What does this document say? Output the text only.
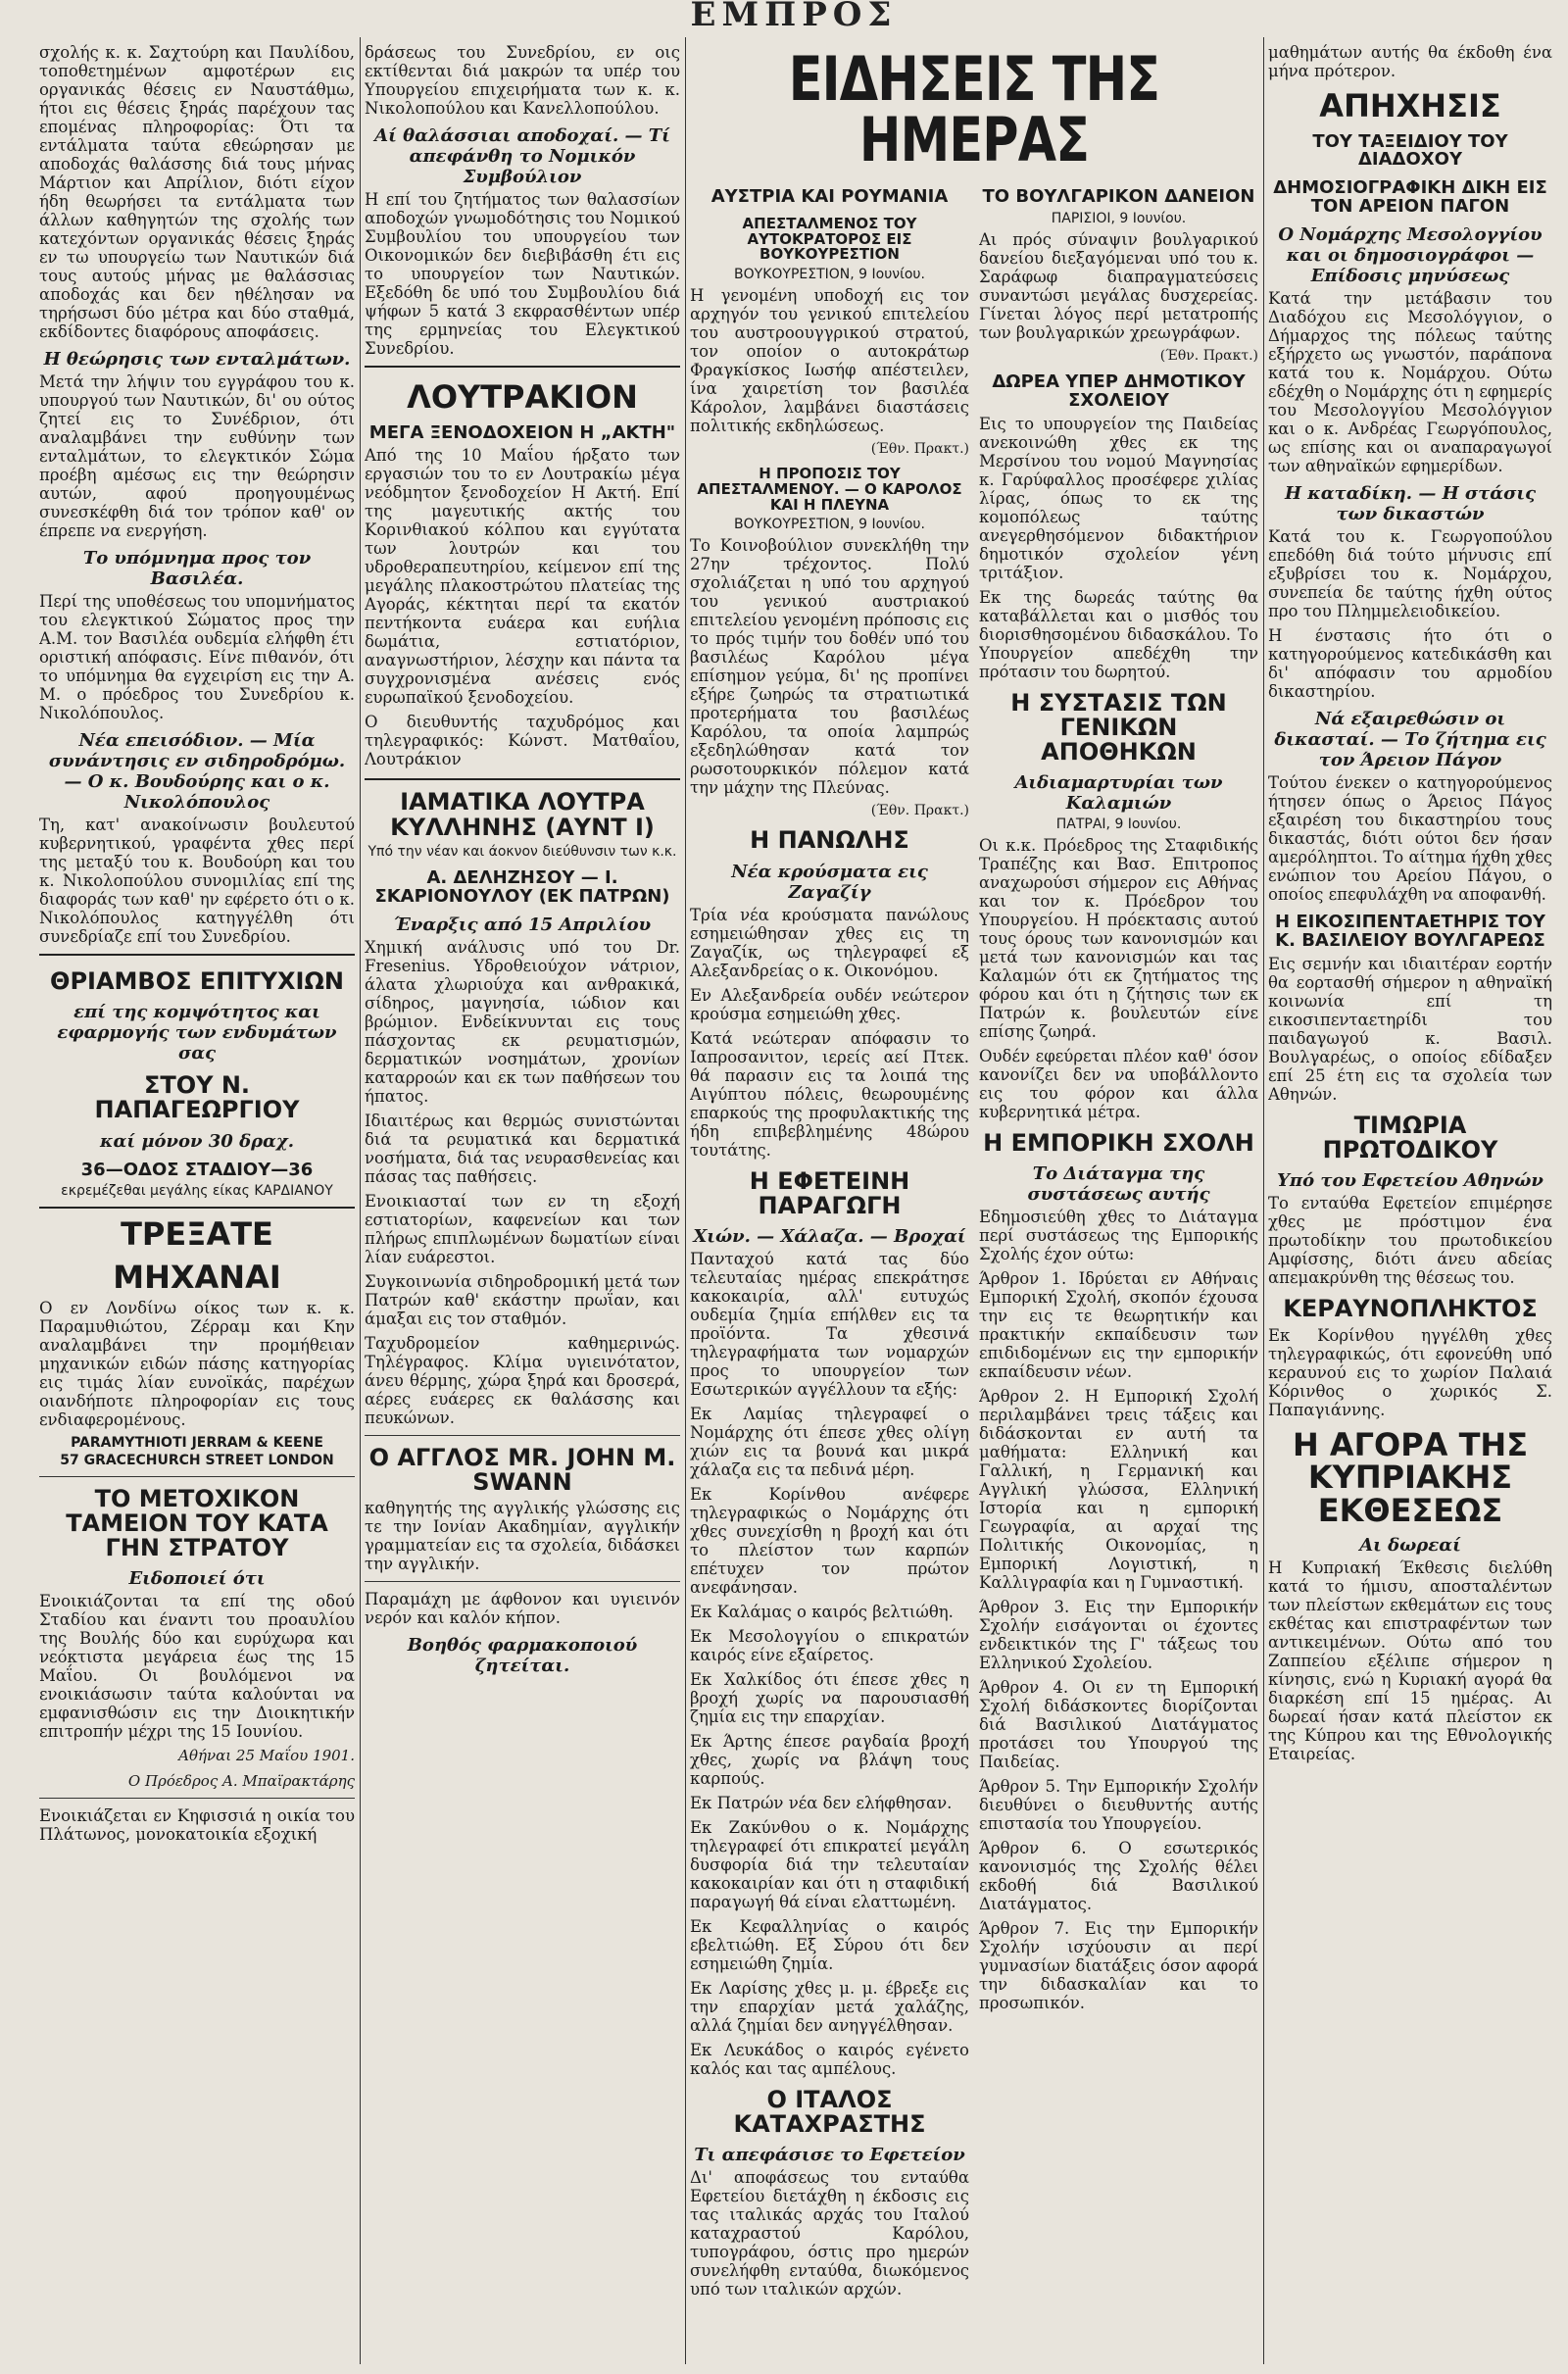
ΕΜΠΡΟΣ

σχολής κ. κ. Σαχτούρη και Παυλίδου, τοποθετημένων αμφοτέρων εις οργανικάς θέσεις εν Ναυστάθμω, ήτοι εις θέσεις ξηράς παρέχουν τας επομένας πληροφορίας: Ότι τα εντάλματα ταύτα εθεώρησαν με αποδοχάς θαλάσσης διά τους μήνας Μάρτιον και Απρίλιον, διότι είχον ήδη θεωρήσει τα εντάλματα των άλλων καθηγητών της σχολής των κατεχόντων οργανικάς θέσεις ξηράς εν τω υπουργείω των Ναυτικών διά τους αυτούς μήνας με θαλάσσιας αποδοχάς και δεν ηθέλησαν να τηρήσωσι δύο μέτρα και δύο σταθμά, εκδίδοντες διαφόρους αποφάσεις.

Η θεώρησις των ενταλμάτων.

Μετά την λήψιν του εγγράφου του κ. υπουργού των Ναυτικών, δι' ου ούτος ζητεί εις το Συνέδριον, ότι αναλαμβάνει την ευθύνην των ενταλμάτων, το ελεγκτικόν Σώμα προέβη αμέσως εις την θεώρησιν αυτών, αφού προηγουμένως συνεσκέφθη διά τον τρόπον καθ' ον έπρεπε να ενεργήση.

Το υπόμνημα προς τον Βασιλέα.

Περί της υποθέσεως του υπομνήματος του ελεγκτικού Σώματος προς την Α.Μ. τον Βασιλέα ουδεμία ελήφθη έτι οριστική απόφασις. Είνε πιθανόν, ότι το υπόμνημα θα εγχειρίση εις την Α. Μ. ο πρόεδρος του Συνεδρίου κ. Νικολόπουλος.

Νέα επεισόδιον. — Μία συνάντησις εν σιδηροδρόμω. — Ο κ. Βουδούρης και ο κ. Νικολόπουλος

Τη, κατ' ανακοίνωσιν βουλευτού κυβερνητικού, γραφέντα χθες περί της μεταξύ του κ. Βουδούρη και του κ. Νικολοπούλου συνομιλίας επί της διαφοράς των καθ' ην εφέρετο ότι ο κ. Νικολόπουλος κατηγγέλθη ότι συνεδρίαζε επί του Συνεδρίου.

ΘΡΙΑΜΒΟΣ ΕΠΙΤΥΧΙΩΝ
επί της κομψότητος και εφαρμογής των ενδυμάτων σας
ΣΤΟΥ Ν. ΠΑΠΑΓΕΩΡΓΙΟΥ
καί μόνον 30 δραχ.
36—ΟΔΟΣ ΣΤΑΔΙΟΥ—36
εκρεμέζεθαι μεγάλης είκας ΚΑΡΔΙΑΝΟΥ
ΤΡΕΞΑΤΕ
ΜΗΧΑΝΑΙ

Ο εν Λονδίνω οίκος των κ. κ. Παραμυθιώτου, Ζέρραμ και Κην αναλαμβάνει την προμήθειαν μηχανικών ειδών πάσης κατηγορίας εις τιμάς λίαν ευνοϊκάς, παρέχων οιανδήποτε πληροφορίαν εις τους ενδιαφερομένους.

PARAMYTHIOTI JERRAM & KEENE
57 GRACECHURCH STREET LONDON
ΤΟ ΜΕΤΟΧΙΚΟΝ ΤΑΜΕΙΟΝ ΤΟΥ ΚΑΤΑ ΓΗΝ ΣΤΡΑΤΟΥ
Ειδοποιεί ότι

Ενοικιάζονται τα επί της οδού Σταδίου και έναντι του προαυλίου της Βουλής δύο και ευρύχωρα και νεόκτιστα μεγάρεια έως της 15 Μαΐου. Οι βουλόμενοι να ενοικιάσωσιν ταύτα καλούνται να εμφανισθώσιν εις την Διοικητικήν επιτροπήν μέχρι της 15 Ιουνίου.

Αθήναι 25 Μαΐου 1901.
Ο Πρόεδρος Α. Μπαϊρακτάρης

Ενοικιάζεται εν Κηφισσιά η οικία του Πλάτωνος, μονοκατοικία εξοχική

δράσεως του Συνεδρίου, εν οις εκτίθενται διά μακρών τα υπέρ του Υπουργείου επιχειρήματα των κ. κ. Νικολοπούλου και Κανελλοπούλου.

Αί θαλάσσιαι αποδοχαί. — Τί απεφάνθη το Νομικόν Συμβούλιον

Η επί του ζητήματος των θαλασσίων αποδοχών γνωμοδότησις του Νομικού Συμβουλίου του υπουργείου των Οικονομικών δεν διεβιβάσθη έτι εις το υπουργείον των Ναυτικών. Εξεδόθη δε υπό του Συμβουλίου διά ψήφων 5 κατά 3 εκφρασθέντων υπέρ της ερμηνείας του Ελεγκτικού Συνεδρίου.

ΛΟΥΤΡΑΚΙΟΝ
ΜΕΓΑ ΞΕΝΟΔΟΧΕΙΟΝ Η „ΑΚΤΗ"

Από της 10 Μαΐου ήρξατο των εργασιών του το εν Λουτρακίω μέγα νεόδμητον ξενοδοχείον Η Ακτή. Επί της μαγευτικής ακτής του Κορινθιακού κόλπου και εγγύτατα των λουτρών και του υδροθεραπευτηρίου, κείμενον επί της μεγάλης πλακοστρώτου πλατείας της Αγοράς, κέκτηται περί τα εκατόν πεντήκοντα ευάερα και ευήλια δωμάτια, εστιατόριον, αναγνωστήριον, λέσχην και πάντα τα συγχρονισμένα ανέσεις ενός ευρωπαϊκού ξενοδοχείου.

Ο διευθυντής ταχυδρόμος και τηλεγραφικός: Κώνστ. Ματθαΐου, Λουτράκιον

ΙΑΜΑΤΙΚΑ ΛΟΥΤΡΑ ΚΥΛΛΗΝΗΣ (ΑΥΝΤ Ι)
Υπό την νέαν και άοκνον διεύθυνσιν των κ.κ.
Α. ΔΕΛΗΖΗΣΟΥ — Ι. ΣΚΑΡΙΟΝΟΥΛΟΥ (ΕΚ ΠΑΤΡΩΝ)
Έναρξις από 15 Απριλίου

Χημική ανάλυσις υπό του Dr. Fresenius. Υδροθειούχον νάτριον, άλατα χλωριούχα και ανθρακικά, σίδηρος, μαγνησία, ιώδιον και βρώμιον. Ενδείκνυνται εις τους πάσχοντας εκ ρευματισμών, δερματικών νοσημάτων, χρονίων καταρροών και εκ των παθήσεων του ήπατος.

Ιδιαιτέρως και θερμώς συνιστώνται διά τα ρευματικά και δερματικά νοσήματα, διά τας νευρασθενείας και πάσας τας παθήσεις.

Ενοικιασταί των εν τη εξοχή εστιατορίων, καφενείων και των πλήρως επιπλωμένων δωματίων είναι λίαν ευάρεστοι.

Συγκοινωνία σιδηροδρομική μετά των Πατρών καθ' εκάστην πρωΐαν, και άμαξαι εις τον σταθμόν.

Ταχυδρομείον καθημερινώς. Τηλέγραφος. Κλίμα υγιεινότατον, άνευ θέρμης, χώρα ξηρά και δροσερά, αέρες ευάερες εκ θαλάσσης και πευκώνων.

Ο ΑΓΓΛΟΣ MR. JOHN M. SWANN

καθηγητής της αγγλικής γλώσσης εις τε την Ιονίαν Ακαδημίαν, αγγλικήν γραμματείαν εις τα σχολεία, διδάσκει την αγγλικήν.

Παραμάχη με άφθονον και υγιεινόν νερόν και καλόν κήπον.

Βοηθός φαρμακοποιού ζητείται.
ΕΙΔΗΣΕΙΣ ΤΗΣ ΗΜΕΡΑΣ
ΑΥΣΤΡΙΑ ΚΑΙ ΡΟΥΜΑΝΙΑ
ΑΠΕΣΤΑΛΜΕΝΟΣ ΤΟΥ ΑΥΤΟΚΡΑΤΟΡΟΣ ΕΙΣ ΒΟΥΚΟΥΡΕΣΤΙΟΝ
ΒΟΥΚΟΥΡΕΣΤΙΟΝ, 9 Ιουνίου.

Η γενομένη υποδοχή εις τον αρχηγόν του γενικού επιτελείου του αυστροουγγρικού στρατού, τον οποίον ο αυτοκράτωρ Φραγκίσκος Ιωσήφ απέστειλεν, ίνα χαιρετίση τον βασιλέα Κάρολον, λαμβάνει διαστάσεις πολιτικής εκδηλώσεως.

(Έθν. Πρακτ.)
Η ΠΡΟΠΟΣΙΣ ΤΟΥ ΑΠΕΣΤΑΛΜΕΝΟΥ. — Ο ΚΑΡΟΛΟΣ ΚΑΙ Η ΠΛΕΥΝΑ
ΒΟΥΚΟΥΡΕΣΤΙΟΝ, 9 Ιουνίου.

Το Κοινοβούλιον συνεκλήθη την 27ην τρέχοντος. Πολύ σχολιάζεται η υπό του αρχηγού του γενικού αυστριακού επιτελείου γενομένη πρόποσις εις το πρός τιμήν του δοθέν υπό του βασιλέως Καρόλου μέγα επίσημον γεύμα, δι' ης προπίνει εξήρε ζωηρώς τα στρατιωτικά προτερήματα του βασιλέως Καρόλου, τα οποία λαμπρώς εξεδηλώθησαν κατά τον ρωσοτουρκικόν πόλεμον κατά την μάχην της Πλεύνας.

(Έθν. Πρακτ.)
Η ΠΑΝΩΛΗΣ
Νέα κρούσματα εις Ζαγαζίγ

Τρία νέα κρούσματα πανώλους εσημειώθησαν χθες εις τη Ζαγαζίκ, ως τηλεγραφεί εξ Αλεξανδρείας ο κ. Οικονόμου.

Εν Αλεξανδρεία ουδέν νεώτερον κρούσμα εσημειώθη χθες.

Κατά νεώτεραν απόφασιν το Ιαπροσανιτον, ιερείς αεί Πτεκ. θά παρασιν εις τα λοιπά της Αιγύπτου πόλεις, θεωρουμένης επαρκούς της προφυλακτικής της ήδη επιβεβλημένης 48ώρου τουτάτης.

Η ΕΦΕΤΕΙΝΗ ΠΑΡΑΓΩΓΗ
Χιών. — Χάλαζα. — Βροχαί

Πανταχού κατά τας δύο τελευταίας ημέρας επεκράτησε κακοκαιρία, αλλ' ευτυχώς ουδεμία ζημία επήλθεν εις τα προϊόντα. Τα χθεσινά τηλεγραφήματα των νομαρχών προς το υπουργείον των Εσωτερικών αγγέλλουν τα εξής:

Εκ Λαμίας τηλεγραφεί ο Νομάρχης ότι έπεσε χθες ολίγη χιών εις τα βουνά και μικρά χάλαζα εις τα πεδινά μέρη.

Εκ Κορίνθου ανέφερε τηλεγραφικώς ο Νομάρχης ότι χθες συνεχίσθη η βροχή και ότι το πλείστον των καρπών επέτυχεν τον πρώτον ανεφάνησαν.

Εκ Καλάμας ο καιρός βελτιώθη.

Εκ Μεσολογγίου ο επικρατών καιρός είνε εξαίρετος.

Εκ Χαλκίδος ότι έπεσε χθες η βροχή χωρίς να παρουσιασθή ζημία εις την επαρχίαν.

Εκ Άρτης έπεσε ραγδαία βροχή χθες, χωρίς να βλάψη τους καρπούς.

Εκ Πατρών νέα δεν ελήφθησαν.

Εκ Ζακύνθου ο κ. Νομάρχης τηλεγραφεί ότι επικρατεί μεγάλη δυσφορία διά την τελευταίαν κακοκαιρίαν και ότι η σταφιδική παραγωγή θά είναι ελαττωμένη.

Εκ Κεφαλληνίας ο καιρός εβελτιώθη. Εξ Σύρου ότι δεν εσημειώθη ζημία.

Εκ Λαρίσης χθες μ. μ. έβρεξε εις την επαρχίαν μετά χαλάζης, αλλά ζημίαι δεν ανηγγέλθησαν.

Εκ Λευκάδος ο καιρός εγένετο καλός και τας αμπέλους.

Ο ΙΤΑΛΟΣ ΚΑΤΑΧΡΑΣΤΗΣ
Τι απεφάσισε το Εφετείον

Δι' αποφάσεως του ενταύθα Εφετείου διετάχθη η έκδοσις εις τας ιταλικάς αρχάς του Ιταλού καταχραστού Καρόλου, τυπογράφου, όστις προ ημερών συνελήφθη ενταύθα, διωκόμενος υπό των ιταλικών αρχών.

ΤΟ ΒΟΥΛΓΑΡΙΚΟΝ ΔΑΝΕΙΟΝ
ΠΑΡΙΣΙΟΙ, 9 Ιουνίου.

Αι πρός σύναψιν βουλγαρικού δανείου διεξαγόμεναι υπό του κ. Σαράφωφ διαπραγματεύσεις συναντώσι μεγάλας δυσχερείας. Γίνεται λόγος περί μετατροπής των βουλγαρικών χρεωγράφων.

(Έθν. Πρακτ.)
ΔΩΡΕΑ ΥΠΕΡ ΔΗΜΟΤΙΚΟΥ ΣΧΟΛΕΙΟΥ

Εις το υπουργείον της Παιδείας ανεκοινώθη χθες εκ της Μερσίνου του νομού Μαγνησίας κ. Γαρύφαλλος προσέφερε χιλίας λίρας, όπως το εκ της κομοπόλεως ταύτης ανεγερθησόμενον διδακτήριον δημοτικόν σχολείον γένη τριτάξιον.

Εκ της δωρεάς ταύτης θα καταβάλλεται και ο μισθός του διορισθησομένου διδασκάλου. Το Υπουργείον απεδέχθη την πρότασιν του δωρητού.

Η ΣΥΣΤΑΣΙΣ ΤΩΝ ΓΕΝΙΚΩΝ ΑΠΟΘΗΚΩΝ
Αιδιαμαρτυρίαι των Καλαμιών
ΠΑΤΡΑΙ, 9 Ιουνίου.

Οι κ.κ. Πρόεδρος της Σταφιδικής Τραπέζης και Βασ. Επιτροπος αναχωρούσι σήμερον εις Αθήνας και τον κ. Πρόεδρον του Υπουργείου. Η πρόεκτασις αυτού τους όρους των κανονισμών και μετά των κανονισμών και τας Καλαμών ότι εκ ζητήματος της φόρου και ότι η ζήτησις των εκ Πατρών κ. βουλευτών είνε επίσης ζωηρά.

Ουδέν εφεύρεται πλέον καθ' όσον κανονίζει δεν να υποβάλλοντο εις του φόρον και άλλα κυβερνητικά μέτρα.

Η ΕΜΠΟΡΙΚΗ ΣΧΟΛΗ
Το Διάταγμα της συστάσεως αυτής

Εδημοσιεύθη χθες το Διάταγμα περί συστάσεως της Εμπορικής Σχολής έχον ούτω:

Άρθρον 1. Ιδρύεται εν Αθήναις Εμπορική Σχολή, σκοπόν έχουσα την εις τε θεωρητικήν και πρακτικήν εκπαίδευσιν των επιδιδομένων εις την εμπορικήν εκπαίδευσιν νέων.

Άρθρον 2. Η Εμπορική Σχολή περιλαμβάνει τρεις τάξεις και διδάσκονται εν αυτή τα μαθήματα: Ελληνική και Γαλλική, η Γερμανική και Αγγλική γλώσσα, Ελληνική Ιστορία και η εμπορική Γεωγραφία, αι αρχαί της Πολιτικής Οικονομίας, η Εμπορική Λογιστική, η Καλλιγραφία και η Γυμναστική.

Άρθρον 3. Εις την Εμπορικήν Σχολήν εισάγονται οι έχοντες ενδεικτικόν της Γ' τάξεως του Ελληνικού Σχολείου.

Άρθρον 4. Οι εν τη Εμπορική Σχολή διδάσκοντες διορίζονται διά Βασιλικού Διατάγματος προτάσει του Υπουργού της Παιδείας.

Άρθρον 5. Την Εμπορικήν Σχολήν διευθύνει ο διευθυντής αυτής επιστασία του Υπουργείου.

Άρθρον 6. Ο εσωτερικός κανονισμός της Σχολής θέλει εκδοθή διά Βασιλικού Διατάγματος.

Άρθρον 7. Εις την Εμπορικήν Σχολήν ισχύουσιν αι περί γυμνασίων διατάξεις όσον αφορά την διδασκαλίαν και το προσωπικόν.

μαθημάτων αυτής θα έκδοθη ένα μήνα πρότερον.

ΑΠΗΧΗΣΙΣ
ΤΟΥ ΤΑΞΕΙΔΙΟΥ ΤΟΥ ΔΙΑΔΟΧΟΥ
ΔΗΜΟΣΙΟΓΡΑΦΙΚΗ ΔΙΚΗ ΕΙΣ ΤΟΝ ΑΡΕΙΟΝ ΠΑΓΟΝ
Ο Νομάρχης Μεσολογγίου και οι δημοσιογράφοι — Επίδοσις μηνύσεως

Κατά την μετάβασιν του Διαδόχου εις Μεσολόγγιον, ο Δήμαρχος της πόλεως ταύτης εξήρχετο ως γνωστόν, παράπονα κατά του κ. Νομάρχου. Ούτω εδέχθη ο Νομάρχης ότι η εφημερίς του Μεσολογγίου Μεσολόγγιον και ο κ. Ανδρέας Γεωργόπουλος, ως επίσης και οι αναπαραγωγοί των αθηναϊκών εφημερίδων.

Η καταδίκη. — Η στάσις των δικαστών

Κατά του κ. Γεωργοπούλου επεδόθη διά τούτο μήνυσις επί εξυβρίσει του κ. Νομάρχου, συνεπεία δε ταύτης ήχθη ούτος προ του Πλημμελειοδικείου.

Η ένστασις ήτο ότι ο κατηγορούμενος κατεδικάσθη και δι' απόφασιν του αρμοδίου δικαστηρίου.

Νά εξαιρεθώσιν οι δικασταί. — Το ζήτημα εις τον Άρειον Πάγον

Τούτου ένεκεν ο κατηγορούμενος ήτησεν όπως ο Άρειος Πάγος εξαιρέση του δικαστηρίου τους δικαστάς, διότι ούτοι δεν ήσαν αμερόληπτοι. Το αίτημα ήχθη χθες ενώπιον του Αρείου Πάγου, ο οποίος επεφυλάχθη να αποφανθή.

Η ΕΙΚΟΣΙΠΕΝΤΑΕΤΗΡΙΣ ΤΟΥ Κ. ΒΑΣΙΛΕΙΟΥ ΒΟΥΛΓΑΡΕΩΣ

Εις σεμνήν και ιδιαιτέραν εορτήν θα εορτασθή σήμερον η αθηναϊκή κοινωνία επί τη εικοσιπενταετηρίδι του παιδαγωγού κ. Βασιλ. Βουλγαρέως, ο οποίος εδίδαξεν επί 25 έτη εις τα σχολεία των Αθηνών.

ΤΙΜΩΡΙΑ ΠΡΩΤΟΔΙΚΟΥ
Υπό του Εφετείου Αθηνών

Το ενταύθα Εφετείον επιμέρησε χθες με πρόστιμον ένα πρωτοδίκην του πρωτοδικείου Αμφίσσης, διότι άνευ αδείας απεμακρύνθη της θέσεως του.

ΚΕΡΑΥΝΟΠΛΗΚΤΟΣ

Εκ Κορίνθου ηγγέλθη χθες τηλεγραφικώς, ότι εφονεύθη υπό κεραυνού εις το χωρίον Παλαιά Κόρινθος ο χωρικός Σ. Παπαγιάννης.

Η ΑΓΟΡΑ ΤΗΣ ΚΥΠΡΙΑΚΗΣ ΕΚΘΕΣΕΩΣ
Αι δωρεαί

Η Κυπριακή Έκθεσις διελύθη κατά το ήμισυ, αποσταλέντων των πλείστων εκθεμάτων εις τους εκθέτας και επιστραφέντων των αντικειμένων. Ούτω από του Ζαππείου εξέλιπε σήμερον η κίνησις, ενώ η Κυριακή αγορά θα διαρκέση επί 15 ημέρας. Αι δωρεαί ήσαν κατά πλείστον εκ της Κύπρου και της Εθνολογικής Εταιρείας.
